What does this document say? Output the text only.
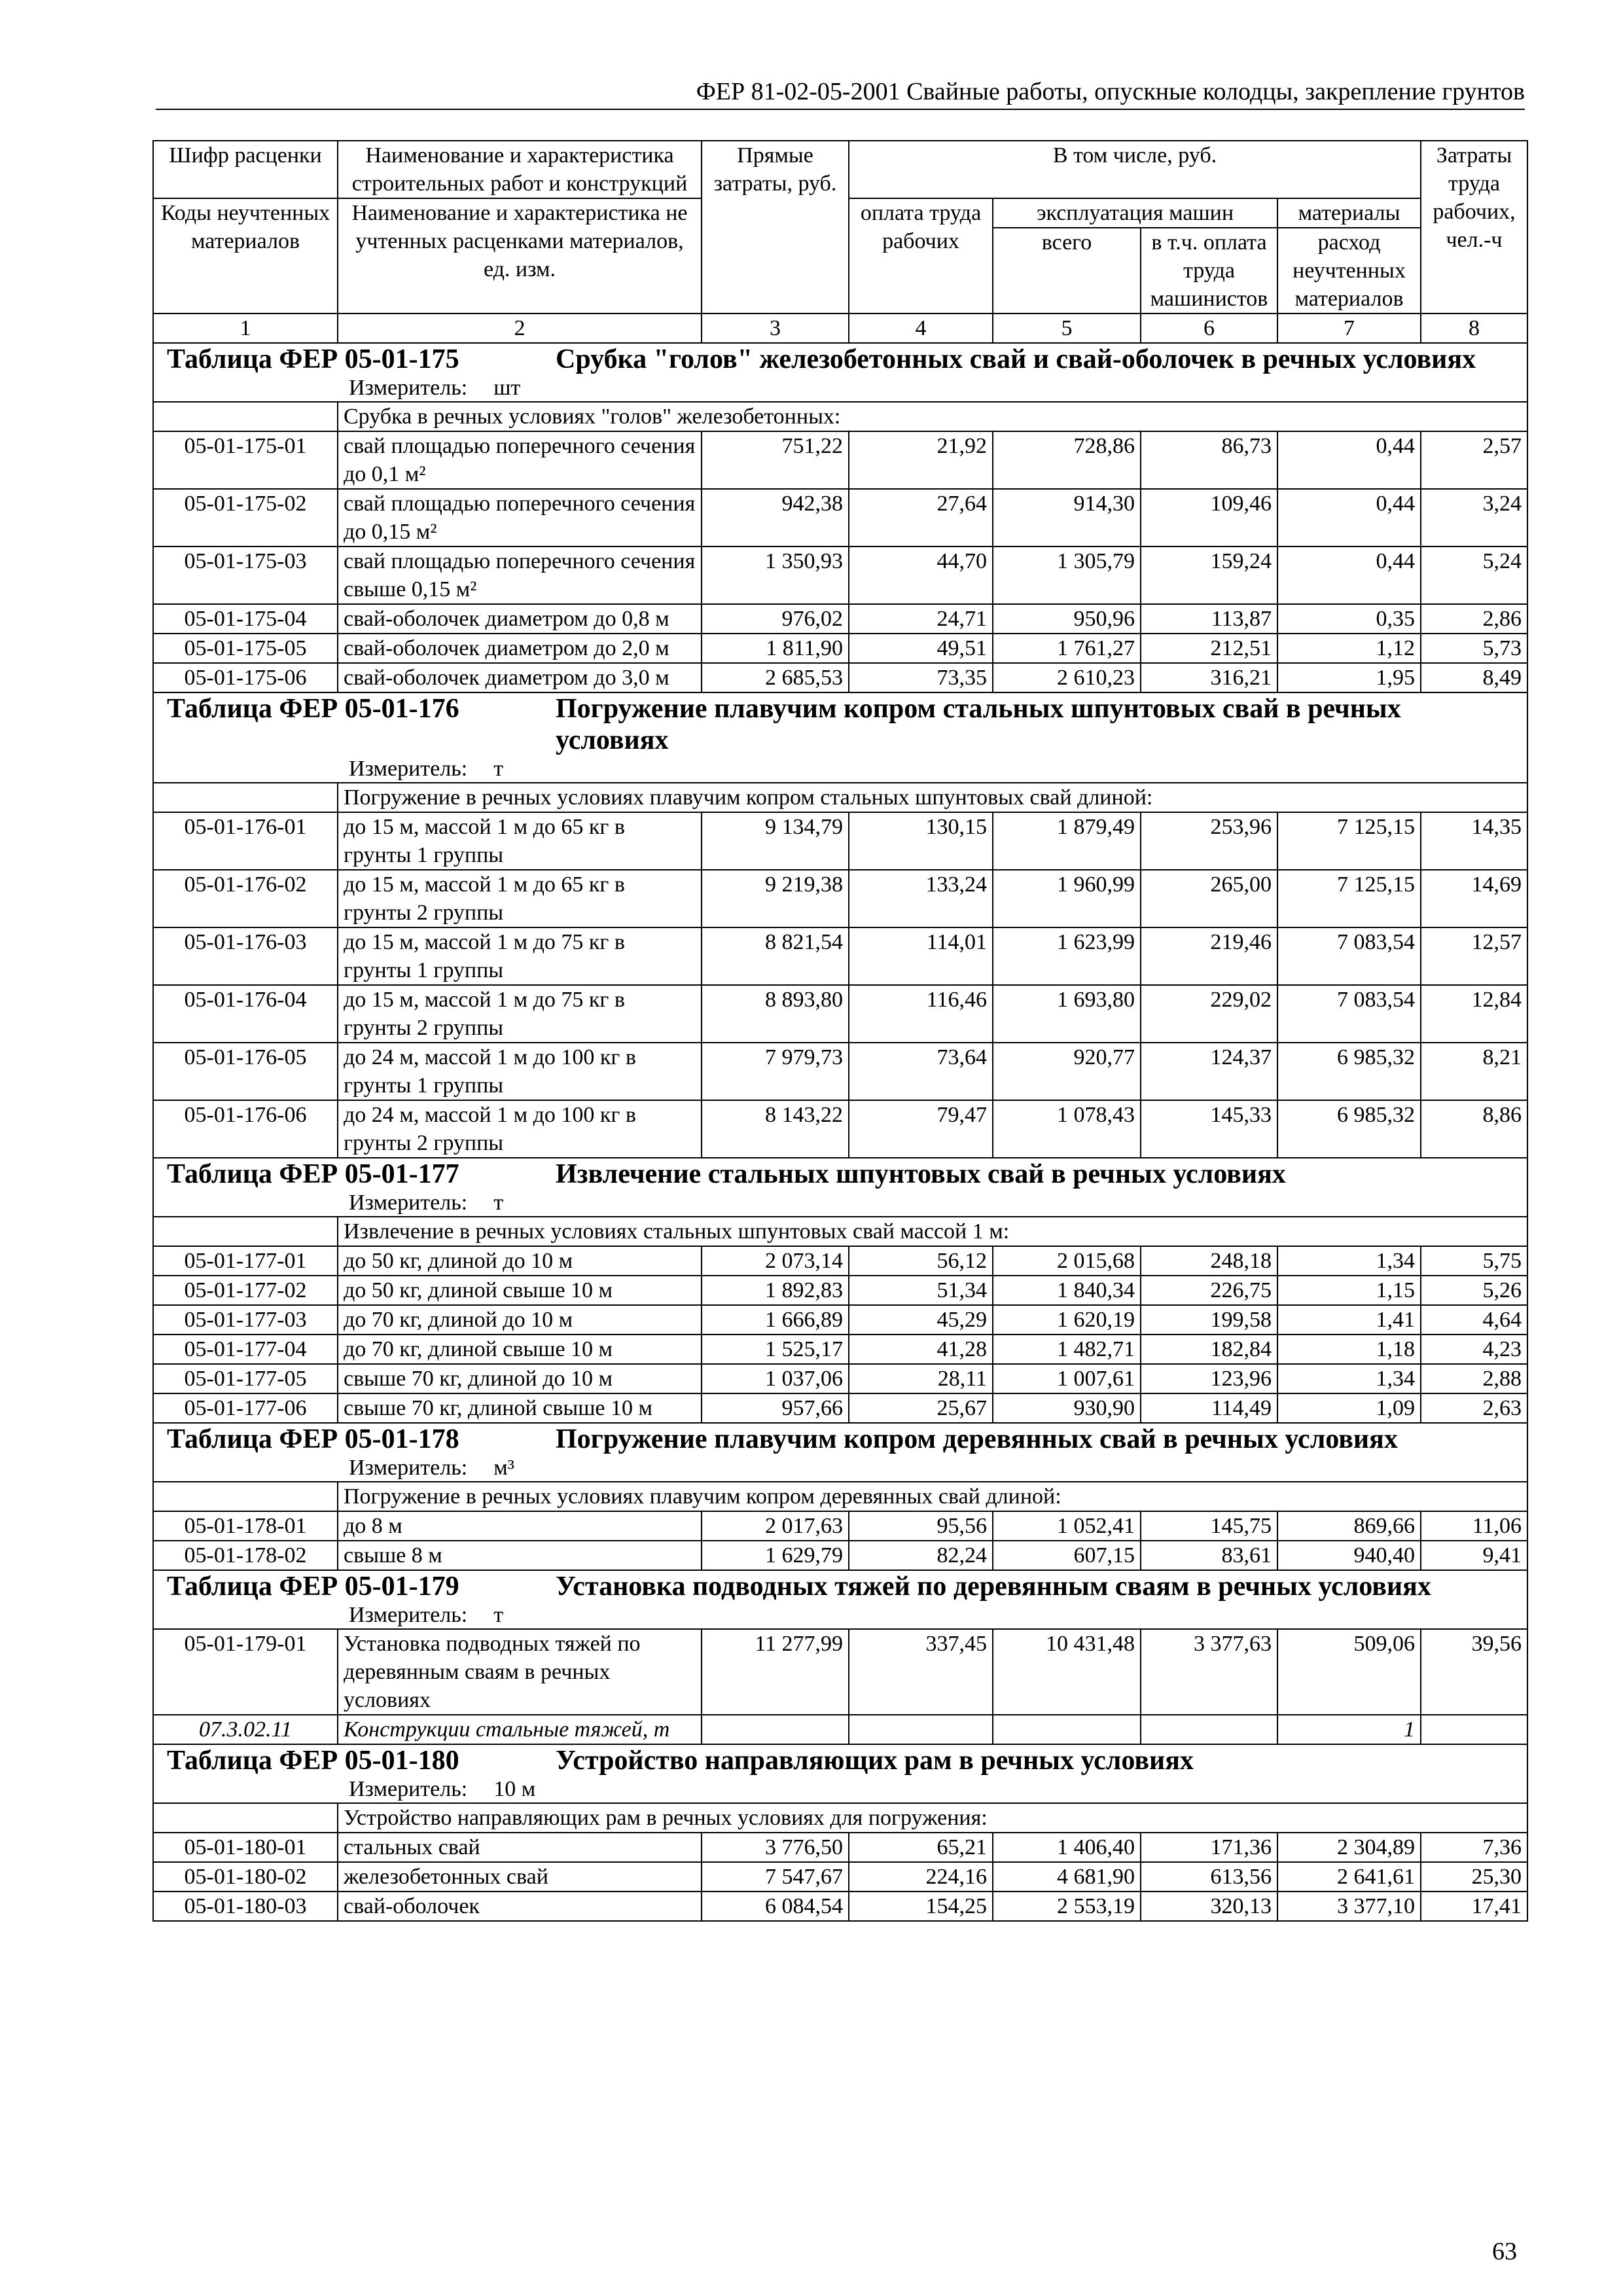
ФЕР 81-02-05-2001 Свайные работы, опускные колодцы, закрепление грунтов
Шифр расценки	Наименование и характеристика строительных работ и конструкций	Прямые затраты, руб.	В том числе, руб.				Затраты труда рабочих, чел.-ч
Коды неучтенных материалов	Наименование и характеристика не учтенных расценками материалов, ед. изм.		оплата труда рабочих	эксплуатация машин		материалы	
				всего	в т.ч. оплата труда машинистов	расход неучтенных материалов	

1	2	3	4	5	6	7	8

Таблица ФЕР 05-01-175 Срубка "голов" железобетонных свай и свай-оболочек в речных условиях
Измеритель: шт							

	Срубка в речных условиях "голов" железобетонных:						
05-01-175-01	свай площадью поперечного сечения до 0,1 м²	751,22	21,92	728,86	86,73	0,44	2,57
05-01-175-02	свай площадью поперечного сечения до 0,15 м²	942,38	27,64	914,30	109,46	0,44	3,24
05-01-175-03	свай площадью поперечного сечения свыше 0,15 м²	1 350,93	44,70	1 305,79	159,24	0,44	5,24
05-01-175-04	свай-оболочек диаметром до 0,8 м	976,02	24,71	950,96	113,87	0,35	2,86
05-01-175-05	свай-оболочек диаметром до 2,0 м	1 811,90	49,51	1 761,27	212,51	1,12	5,73
05-01-175-06	свай-оболочек диаметром до 3,0 м	2 685,53	73,35	2 610,23	316,21	1,95	8,49

Таблица ФЕР 05-01-176 Погружение плавучим копром стальных шпунтовых свай в речных условиях
Измеритель: т							

	Погружение в речных условиях плавучим копром стальных шпунтовых свай длиной:						
05-01-176-01	до 15 м, массой 1 м до 65 кг в грунты 1 группы	9 134,79	130,15	1 879,49	253,96	7 125,15	14,35
05-01-176-02	до 15 м, массой 1 м до 65 кг в грунты 2 группы	9 219,38	133,24	1 960,99	265,00	7 125,15	14,69
05-01-176-03	до 15 м, массой 1 м до 75 кг в грунты 1 группы	8 821,54	114,01	1 623,99	219,46	7 083,54	12,57
05-01-176-04	до 15 м, массой 1 м до 75 кг в грунты 2 группы	8 893,80	116,46	1 693,80	229,02	7 083,54	12,84
05-01-176-05	до 24 м, массой 1 м до 100 кг в грунты 1 группы	7 979,73	73,64	920,77	124,37	6 985,32	8,21
05-01-176-06	до 24 м, массой 1 м до 100 кг в грунты 2 группы	8 143,22	79,47	1 078,43	145,33	6 985,32	8,86

Таблица ФЕР 05-01-177 Извлечение стальных шпунтовых свай в речных условиях
Измеритель: т							

	Извлечение в речных условиях стальных шпунтовых свай массой 1 м:						
05-01-177-01	до 50 кг, длиной до 10 м	2 073,14	56,12	2 015,68	248,18	1,34	5,75
05-01-177-02	до 50 кг, длиной свыше 10 м	1 892,83	51,34	1 840,34	226,75	1,15	5,26
05-01-177-03	до 70 кг, длиной до 10 м	1 666,89	45,29	1 620,19	199,58	1,41	4,64
05-01-177-04	до 70 кг, длиной свыше 10 м	1 525,17	41,28	1 482,71	182,84	1,18	4,23
05-01-177-05	свыше 70 кг, длиной до 10 м	1 037,06	28,11	1 007,61	123,96	1,34	2,88
05-01-177-06	свыше 70 кг, длиной свыше 10 м	957,66	25,67	930,90	114,49	1,09	2,63

Таблица ФЕР 05-01-178 Погружение плавучим копром деревянных свай в речных условиях
Измеритель: м³							

	Погружение в речных условиях плавучим копром деревянных свай длиной:						
05-01-178-01	до 8 м	2 017,63	95,56	1 052,41	145,75	869,66	11,06
05-01-178-02	свыше 8 м	1 629,79	82,24	607,15	83,61	940,40	9,41

Таблица ФЕР 05-01-179 Установка подводных тяжей по деревянным сваям в речных условиях
Измеритель: т							

05-01-179-01	Установка подводных тяжей по деревянным сваям в речных условиях	11 277,99	337,45	10 431,48	3 377,63	509,06	39,56
07.3.02.11	Конструкции стальные тяжей, т					1	

Таблица ФЕР 05-01-180 Устройство направляющих рам в речных условиях
Измеритель: 10 м							

	Устройство направляющих рам в речных условиях для погружения:						
05-01-180-01	стальных свай	3 776,50	65,21	1 406,40	171,36	2 304,89	7,36
05-01-180-02	железобетонных свай	7 547,67	224,16	4 681,90	613,56	2 641,61	25,30
05-01-180-03	свай-оболочек	6 084,54	154,25	2 553,19	320,13	3 377,10	17,41
63
